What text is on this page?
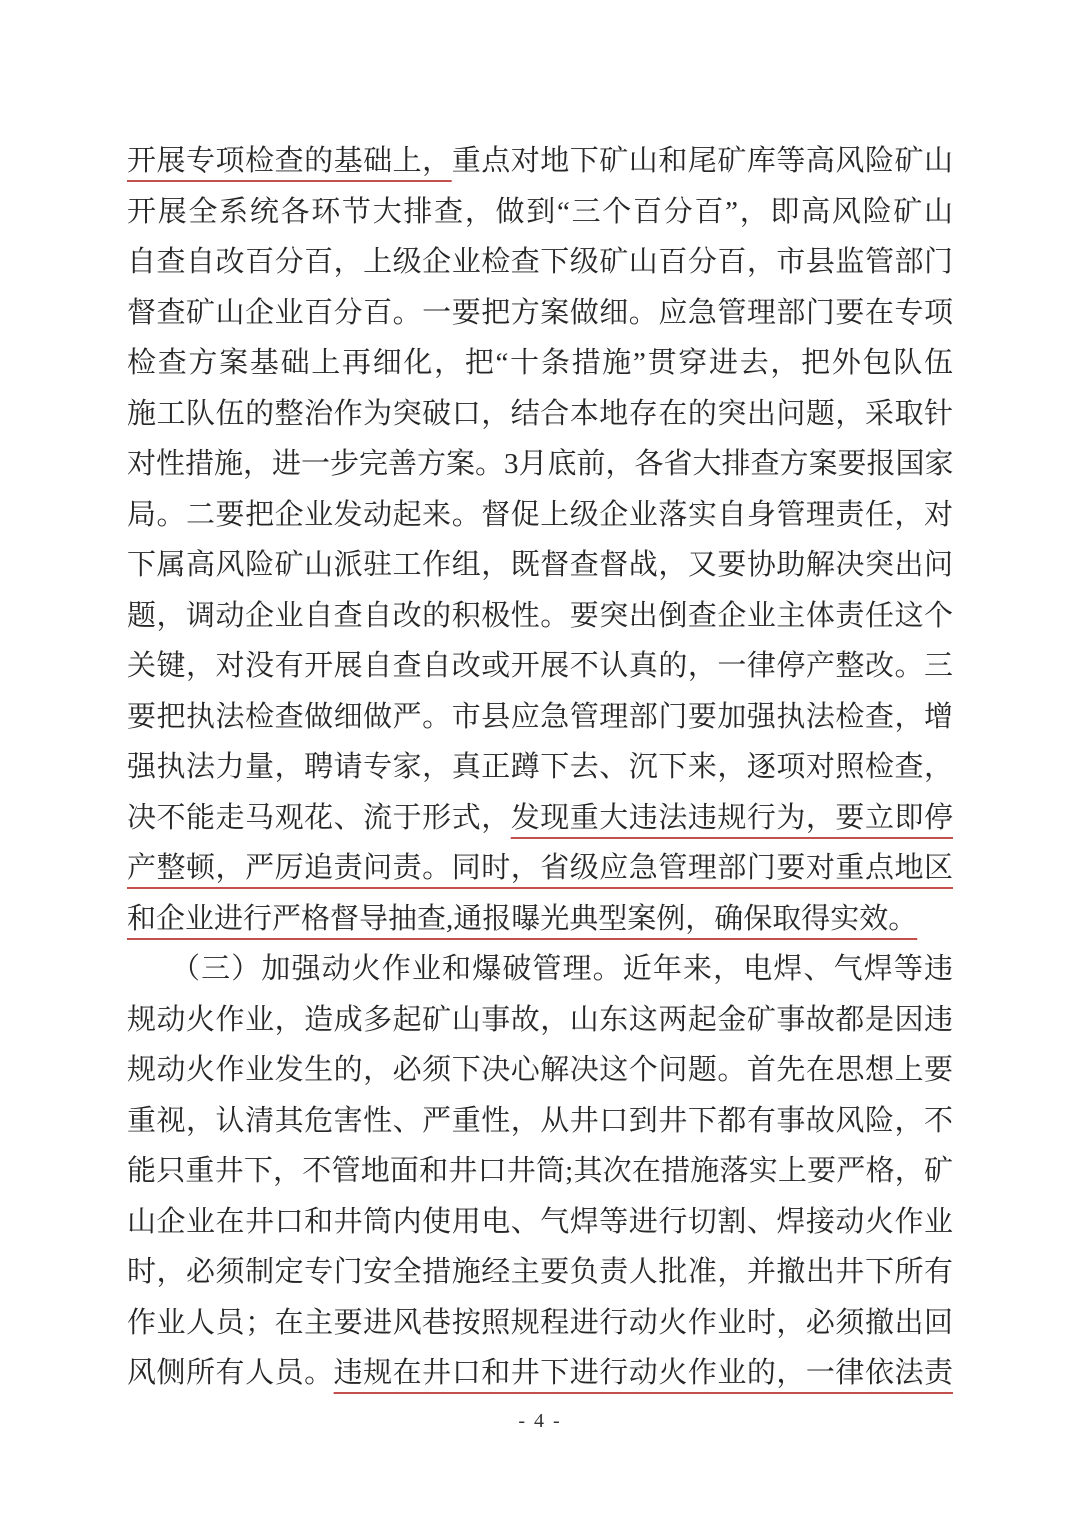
开展专项检查的基础上，重点对地下矿山和尾矿库等高风险矿山
开展全系统各环节大排查，做到“三个百分百”，即高风险矿山
自查自改百分百，上级企业检查下级矿山百分百，市县监管部门
督查矿山企业百分百。一要把方案做细。应急管理部门要在专项
检查方案基础上再细化，把“十条措施”贯穿进去，把外包队伍
施工队伍的整治作为突破口，结合本地存在的突出问题，采取针
对性措施，进一步完善方案。3月底前，各省大排查方案要报国家
局。二要把企业发动起来。督促上级企业落实自身管理责任，对
下属高风险矿山派驻工作组，既督查督战，又要协助解决突出问
题，调动企业自查自改的积极性。要突出倒查企业主体责任这个
关键，对没有开展自查自改或开展不认真的，一律停产整改。三
要把执法检查做细做严。市县应急管理部门要加强执法检查，增
强执法力量，聘请专家，真正蹲下去、沉下来，逐项对照检查，
决不能走马观花、流于形式，发现重大违法违规行为，要立即停
产整顿，严厉追责问责。同时，省级应急管理部门要对重点地区
和企业进行严格督导抽查,通报曝光典型案例，确保取得实效。
（三）加强动火作业和爆破管理。近年来，电焊、气焊等违
规动火作业，造成多起矿山事故，山东这两起金矿事故都是因违
规动火作业发生的，必须下决心解决这个问题。首先在思想上要
重视，认清其危害性、严重性，从井口到井下都有事故风险，不
能只重井下，不管地面和井口井筒;其次在措施落实上要严格，矿
山企业在井口和井筒内使用电、气焊等进行切割、焊接动火作业
时，必须制定专门安全措施经主要负责人批准，并撤出井下所有
作业人员；在主要进风巷按照规程进行动火作业时，必须撤出回
风侧所有人员。违规在井口和井下进行动火作业的，一律依法责
- 4 -
